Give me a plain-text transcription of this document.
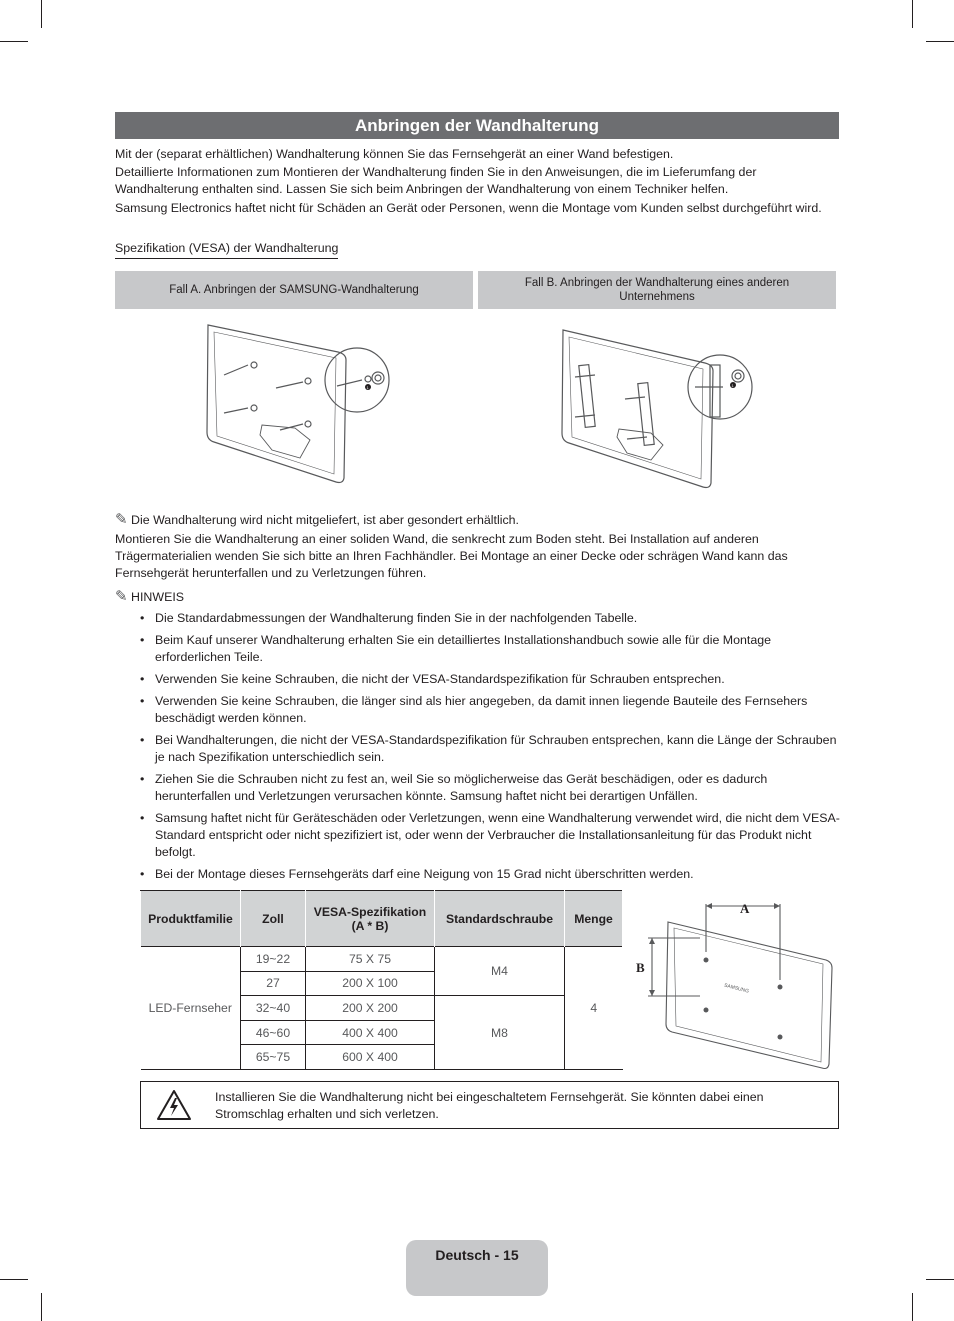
Anbringen der Wandhalterung
Mit der (separat erhältlichen) Wandhalterung können Sie das Fernsehgerät an einer Wand befestigen.
Detaillierte Informationen zum Montieren der Wandhalterung finden Sie in den Anweisungen, die im Lieferumfang der Wandhalterung enthalten sind. Lassen Sie sich beim Anbringen der Wandhalterung von einem Techniker helfen.
Samsung Electronics haftet nicht für Schäden an Gerät oder Personen, wenn die Montage vom Kunden selbst durchgeführt wird.
Spezifikation (VESA) der Wandhalterung
Fall A. Anbringen der SAMSUNG-Wandhalterung
Fall B. Anbringen der Wandhalterung eines anderen Unternehmens
1	1
✎ Die Wandhalterung wird nicht mitgeliefert, ist aber gesondert erhältlich.
Montieren Sie die Wandhalterung an einer soliden Wand, die senkrecht zum Boden steht. Bei Installation auf anderen Trägermaterialien wenden Sie sich bitte an Ihren Fachhändler. Bei Montage an einer Decke oder schrägen Wand kann das Fernsehgerät herunterfallen und zu Verletzungen führen.
✎ HINWEIS
• Die Standardabmessungen der Wandhalterung finden Sie in der nachfolgenden Tabelle.
• Beim Kauf unserer Wandhalterung erhalten Sie ein detailliertes Installationshandbuch sowie alle für die Montage erforderlichen Teile.
• Verwenden Sie keine Schrauben, die nicht der VESA-Standardspezifikation für Schrauben entsprechen.
• Verwenden Sie keine Schrauben, die länger sind als hier angegeben, da damit innen liegende Bauteile des Fernsehers beschädigt werden können.
• Bei Wandhalterungen, die nicht der VESA-Standardspezifikation für Schrauben entsprechen, kann die Länge der Schrauben je nach Spezifikation unterschiedlich sein.
• Ziehen Sie die Schrauben nicht zu fest an, weil Sie so möglicherweise das Gerät beschädigen, oder es dadurch herunterfallen und Verletzungen verursachen könnte. Samsung haftet nicht bei derartigen Unfällen.
• Samsung haftet nicht für Geräteschäden oder Verletzungen, wenn eine Wandhalterung verwendet wird, die nicht dem VESA-Standard entspricht oder nicht spezifiziert ist, oder wenn der Verbraucher die Installationsanleitung für das Produkt nicht befolgt.
• Bei der Montage dieses Fernsehgeräts darf eine Neigung von 15 Grad nicht überschritten werden.
Produktfamilie	Zoll	VESA-Spezifikation (A * B)	Standardschraube	Menge
LED-Fernseher	19~22	75 X 75	M4	4
	27	200 X 100		
	32~40	200 X 200	M8	
	46~60	400 X 400		
	65~75	600 X 400		
A
B
SAMSUNG
Installieren Sie die Wandhalterung nicht bei eingeschaltetem Fernsehgerät. Sie könnten dabei einen Stromschlag erhalten und sich verletzen.
Deutsch - 15
